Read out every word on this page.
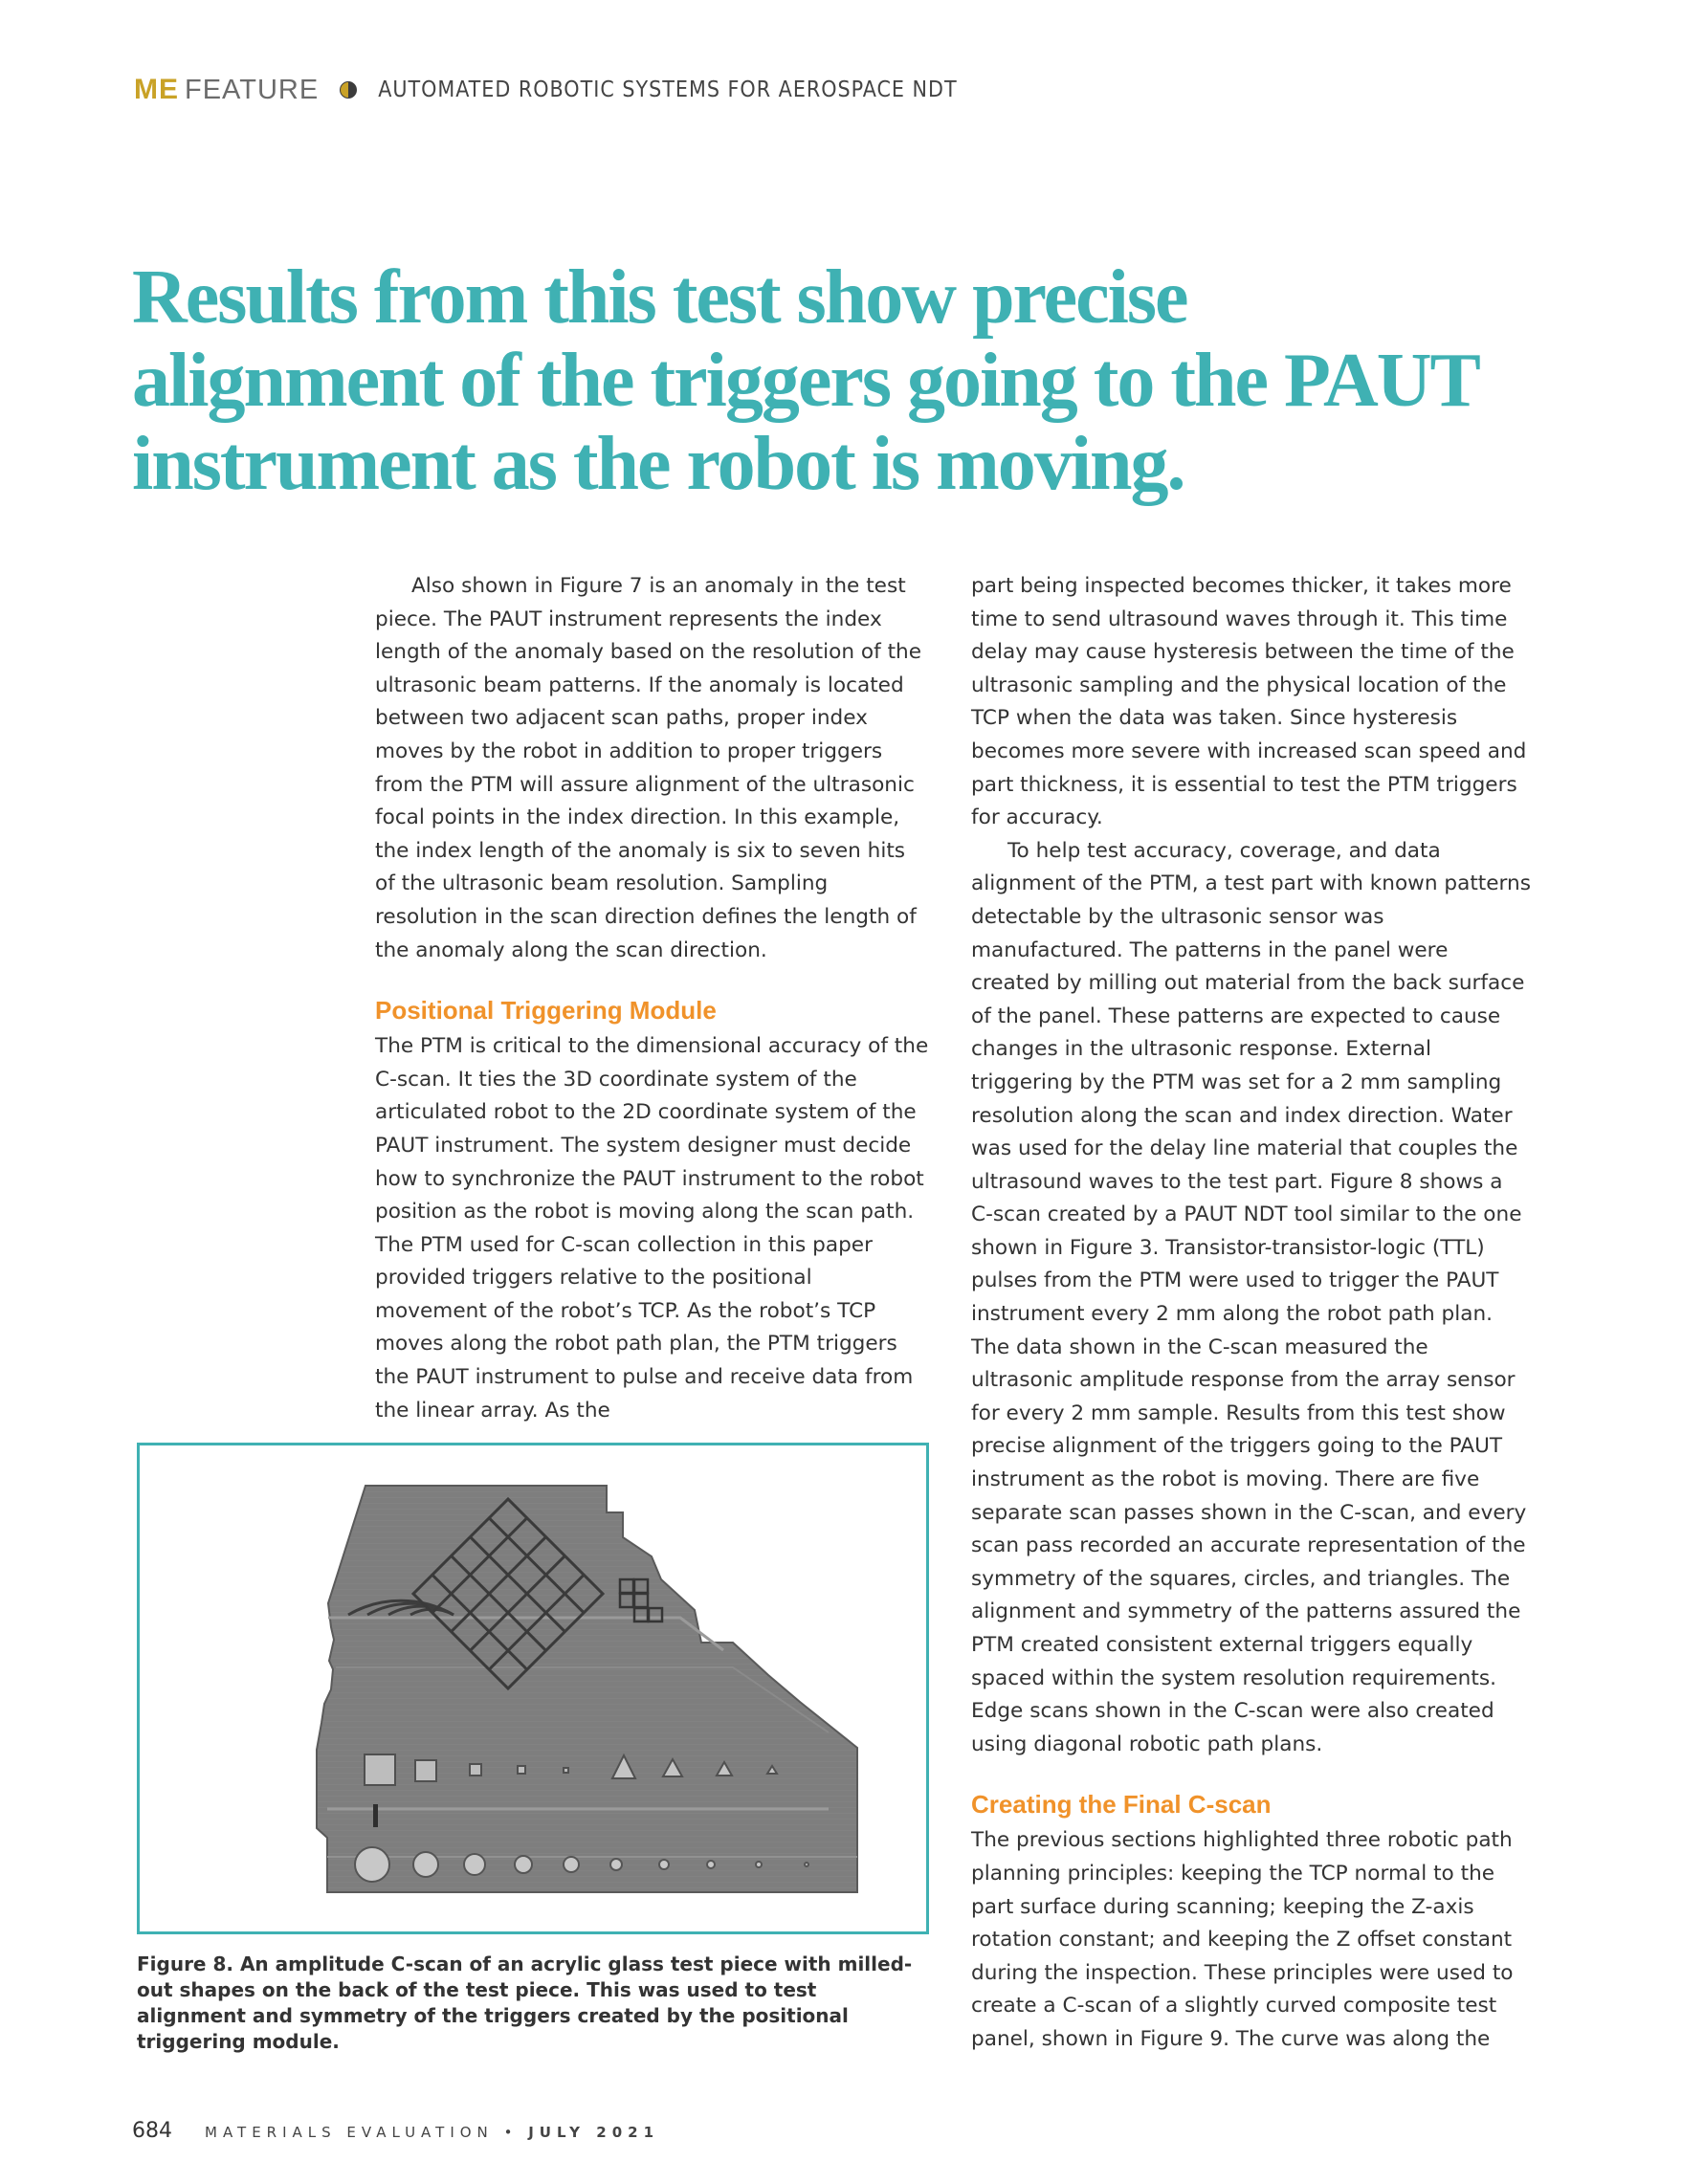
ME FEATURE	AUTOMATED ROBOTIC SYSTEMS FOR AEROSPACE NDT
Results from this test show precise
alignment of the triggers going to the PAUT
instrument as the robot is moving.

Also shown in Figure 7 is an anomaly in the test piece. The PAUT instrument represents the index length of the anomaly based on the resolution of the ultrasonic beam patterns. If the anomaly is located between two adjacent scan paths, proper index moves by the robot in addition to proper triggers from the PTM will assure alignment of the ultrasonic focal points in the index direction. In this example, the index length of the anomaly is six to seven hits of the ultrasonic beam resolution. Sampling resolution in the scan direction defines the length of the anomaly along the scan direction.

Positional Triggering Module

The PTM is critical to the dimensional accuracy of the C-scan. It ties the 3D coordinate system of the articulated robot to the 2D coordinate system of the PAUT instrument. The system designer must decide how to synchronize the PAUT instrument to the robot position as the robot is moving along the scan path. The PTM used for C-scan collection in this paper provided triggers relative to the positional movement of the robot’s TCP. As the robot’s TCP moves along the robot path plan, the PTM triggers the PAUT instrument to pulse and receive data from the linear array. As the

part being inspected becomes thicker, it takes more time to send ultrasound waves through it. This time delay may cause hysteresis between the time of the ultrasonic sampling and the physical location of the TCP when the data was taken. Since hysteresis becomes more severe with increased scan speed and part thickness, it is essential to test the PTM triggers for accuracy.

To help test accuracy, coverage, and data alignment of the PTM, a test part with known patterns detectable by the ultrasonic sensor was manufactured. The patterns in the panel were created by milling out material from the back surface of the panel. These patterns are expected to cause changes in the ultrasonic response. External triggering by the PTM was set for a 2 mm sampling resolution along the scan and index direction. Water was used for the delay line material that couples the ultrasound waves to the test part. Figure 8 shows a C-scan created by a PAUT NDT tool similar to the one shown in Figure 3. Transistor-transistor-logic (TTL) pulses from the PTM were used to trigger the PAUT instrument every 2 mm along the robot path plan. The data shown in the C-scan measured the ultrasonic amplitude response from the array sensor for every 2 mm sample. Results from this test show precise alignment of the triggers going to the PAUT instrument as the robot is moving. There are five separate scan passes shown in the C-scan, and every scan pass recorded an accurate representation of the symmetry of the squares, circles, and triangles. The alignment and symmetry of the patterns assured the PTM created consistent external triggers equally spaced within the system resolution requirements. Edge scans shown in the C-scan were also created using diagonal robotic path plans.

Creating the Final C-scan

The previous sections highlighted three robotic path planning principles: keeping the TCP normal to the part surface during scanning; keeping the Z-axis rotation constant; and keeping the Z offset constant during the inspection. These principles were used to create a C-scan of a slightly curved composite test panel, shown in Figure 9. The curve was along the

Figure 8. An amplitude C-scan of an acrylic glass test piece with milled-out shapes on the back of the test piece. This was used to test alignment and symmetry of the triggers created by the positional triggering module.
684 MATERIALS EVALUATION • JULY 2021
